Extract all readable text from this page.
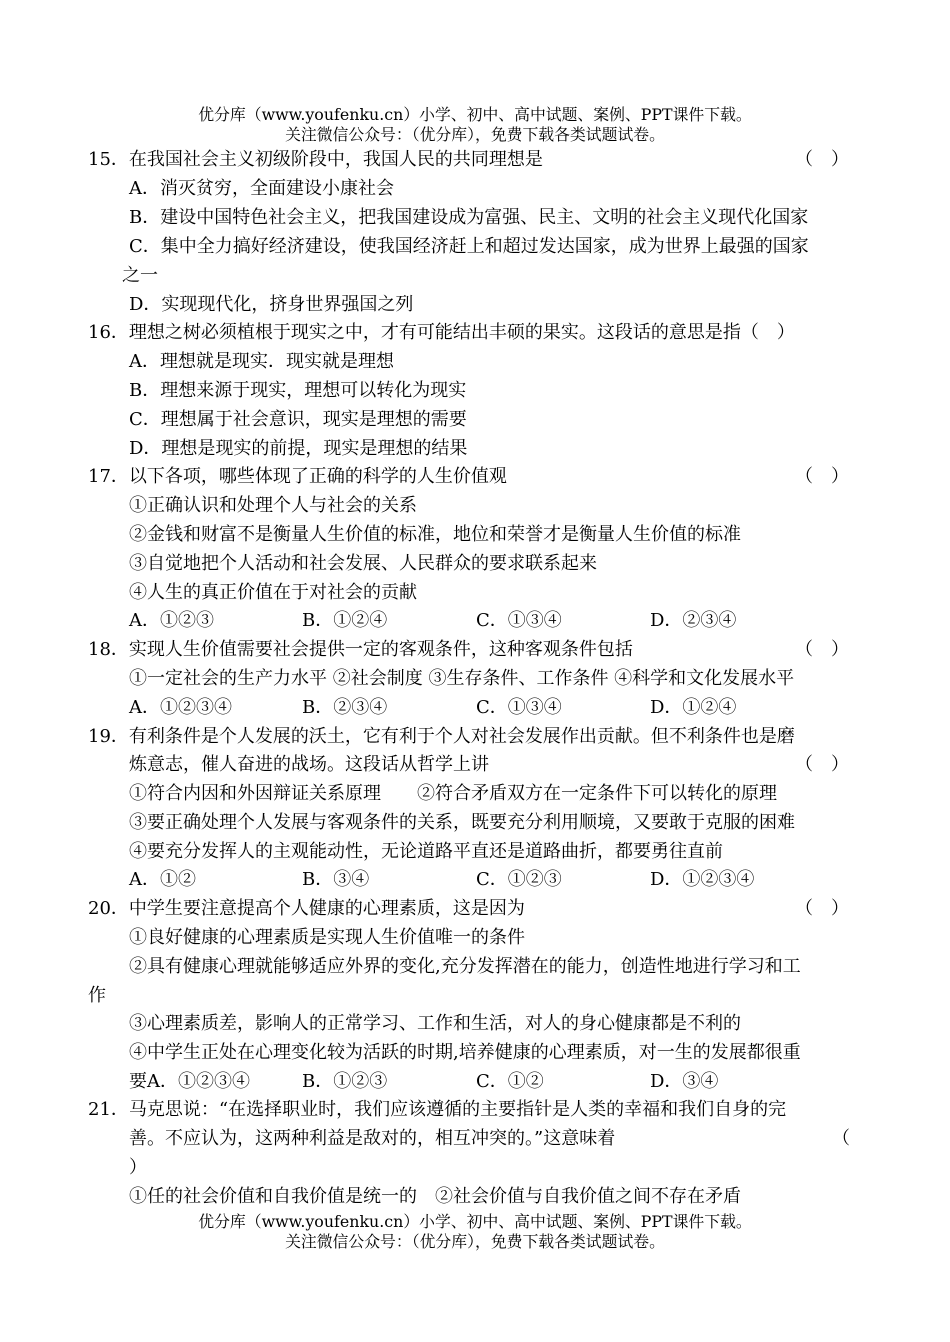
优分库（www.youfenku.cn）小学、初中、高中试题、案例、PPT课件下载。
关注微信公众号：（优分库），免费下载各类试题试卷。
15．在我国社会主义初级阶段中，我国人民的共同理想是	（　）
A．消灭贫穷，全面建设小康社会
B．建设中国特色社会主义，把我国建设成为富强、民主、文明的社会主义现代化国家
C．集中全力搞好经济建设，使我国经济赶上和超过发达国家，成为世界上最强的国家
之一
D．实现现代化，挤身世界强国之列
16．理想之树必须植根于现实之中，才有可能结出丰硕的果实。这段话的意思是指（　）
A．理想就是现实．现实就是理想
B．理想来源于现实，理想可以转化为现实
C．理想属于社会意识，现实是理想的需要
D．理想是现实的前提，现实是理想的结果
17．以下各项，哪些体现了正确的科学的人生价值观	（　）
①正确认识和处理个人与社会的关系
②金钱和财富不是衡量人生价值的标准，地位和荣誉才是衡量人生价值的标准
③自觉地把个人活动和社会发展、人民群众的要求联系起来
④人生的真正价值在于对社会的贡献
A．①②③	B．①②④	C．①③④	D．②③④
18．实现人生价值需要社会提供一定的客观条件，这种客观条件包括	（　）
①一定社会的生产力水平 ②社会制度 ③生存条件、工作条件 ④科学和文化发展水平
A．①②③④	B．②③④	C．①③④	D．①②④
19．有利条件是个人发展的沃土，它有利于个人对社会发展作出贡献。但不利条件也是磨
炼意志，催人奋进的战场。这段话从哲学上讲	（　）
①符合内因和外因辩证关系原理　　②符合矛盾双方在一定条件下可以转化的原理
③要正确处理个人发展与客观条件的关系，既要充分利用顺境，又要敢于克服的困难
④要充分发挥人的主观能动性，无论道路平直还是道路曲折，都要勇往直前
A．①②	B．③④	C．①②③	D．①②③④
20．中学生要注意提高个人健康的心理素质，这是因为	（　）
①良好健康的心理素质是实现人生价值唯一的条件
②具有健康心理就能够适应外界的变化,充分发挥潜在的能力，创造性地进行学习和工
作
③心理素质差，影响人的正常学习、工作和生活，对人的身心健康都是不利的
④中学生正处在心理变化较为活跃的时期,培养健康的心理素质，对一生的发展都很重
要A．①②③④	B．①②③	C．①②	D．③④
21．马克思说：“在选择职业时，我们应该遵循的主要指针是人类的幸福和我们自身的完
善。不应认为，这两种利益是敌对的，相互冲突的。”这意味着	（
）
①任的社会价值和自我价值是统一的　②社会价值与自我价值之间不存在矛盾
优分库（www.youfenku.cn）小学、初中、高中试题、案例、PPT课件下载。
关注微信公众号：（优分库），免费下载各类试题试卷。
